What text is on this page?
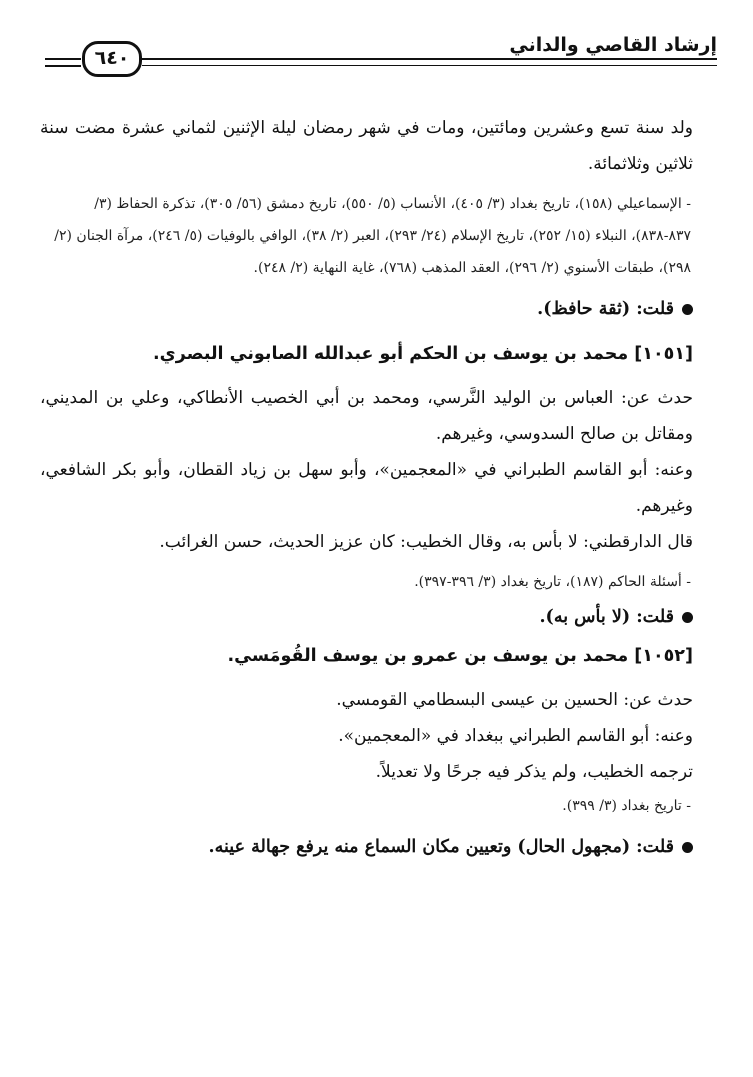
إرشاد القاصي والداني
٦٤٠

ولد سنة تسع وعشرين ومائتين، ومات في شهر رمضان ليلة الإثنين لثماني عشرة مضت سنة ثلاثين وثلاثمائة.

- الإسماعيلي (١٥٨)، تاريخ بغداد (٣/ ٤٠٥)، الأنساب (٥/ ٥٥٠)، تاريخ دمشق (٥٦/ ٣٠٥)، تذكرة الحفاظ (٣/ ٨٣٧-٨٣٨)، النبلاء (١٥/ ٢٥٢)، تاريخ الإسلام (٢٤/ ٢٩٣)، العبر (٢/ ٣٨)، الوافي بالوفيات (٥/ ٢٤٦)، مرآة الجنان (٢/ ٢٩٨)، طبقات الأسنوي (٢/ ٢٩٦)، العقد المذهب (٧٦٨)، غاية النهاية (٢/ ٢٤٨).

قلت: (ثقة حافظ).

[١٠٥١] محمد بن يوسف بن الحكم أبو عبدالله الصابوني البصري.

حدث عن: العباس بن الوليد النَّرسي، ومحمد بن أبي الخصيب الأنطاكي، وعلي بن المديني، ومقاتل بن صالح السدوسي، وغيرهم.

وعنه: أبو القاسم الطبراني في «المعجمين»، وأبو سهل بن زياد القطان، وأبو بكر الشافعي، وغيرهم.

قال الدارقطني: لا بأس به، وقال الخطيب: كان عزيز الحديث، حسن الغرائب.

- أسئلة الحاكم (١٨٧)، تاريخ بغداد (٣/ ٣٩٦-٣٩٧).

قلت: (لا بأس به).

[١٠٥٢] محمد بن يوسف بن عمرو بن يوسف القُومَسي.

حدث عن: الحسين بن عيسى البسطامي القومسي.

وعنه: أبو القاسم الطبراني ببغداد في «المعجمين».

ترجمه الخطيب، ولم يذكر فيه جرحًا ولا تعديلاً.

- تاريخ بغداد (٣/ ٣٩٩).

قلت: (مجهول الحال) وتعيين مكان السماع منه يرفع جهالة عينه.
